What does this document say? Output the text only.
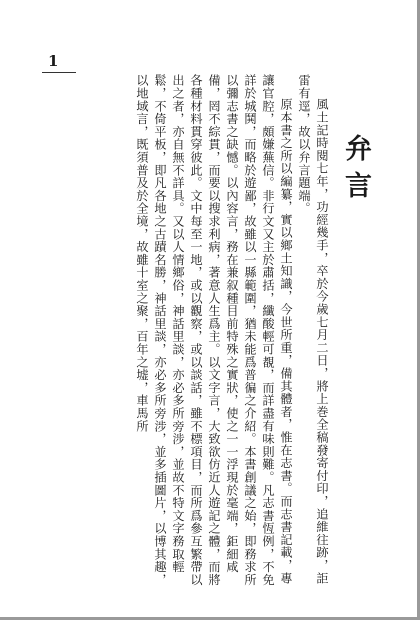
1
弁言

風土記時閱七年，功經幾手，卒於今歲七月二日，將上巻全稿發寄付印，追維往跡，詎雷有逕，故以弁言題端。

原本書之所以編纂，實以鄉土知識，今世所重，備其體者，惟在志書。而志書記載，專讓官腔，頗嫌蕪信。非行文又主於肅括，纖酸輕可覩，而詳盡有味則難。凡志書恆例，不免詳於城鬨，而略於遊鄙，故雖以一縣範圍，猶未能爲普徧之介紹。本書創議之始，即務求所以彌志書之缺憾。以內容言，務在兼叙種目前特殊之實狀，使之一一浮現於毫端，鉅細咸備，罔不綜貫，而要以搜求利病，著意人生爲主。以文字言，大致欲仿近人遊記之體，而將各種材料貫穿彼此。文中每至一地，或以觀察，或以談話，雖不標項目，而所爲參互繁帶以出之者，亦自無不詳具。又以人情鄉俗，神話里談，亦必多所旁涉，並故不特文字務取輕鬆，不倚平板，即凡各地之古蹟名勝，神話里談，亦必多所旁涉，並多插圖片，以博其趣，以地域言，既須普及於全境，故雖十室之聚，百年之墟，車馬所
